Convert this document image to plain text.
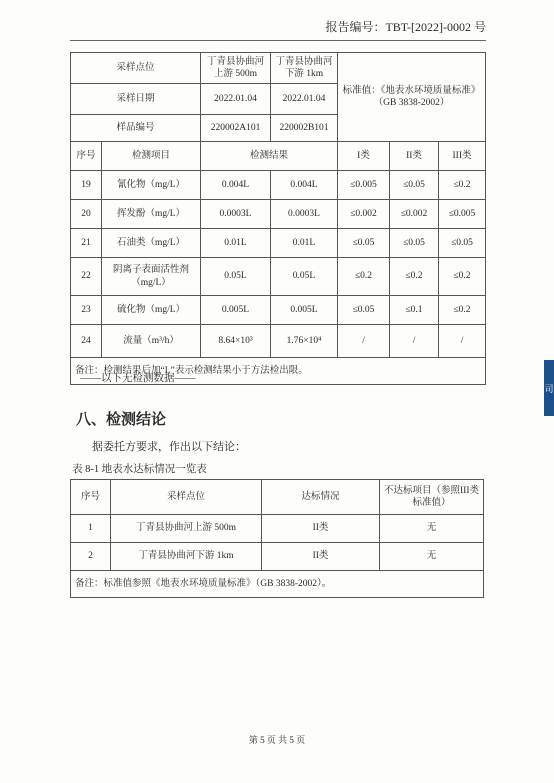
报告编号：TBT-[2022]-0002 号
采样点位		丁青县协曲河上游 500m	丁青县协曲河下游 1km	标准值：《地表水环境质量标准》（GB 3838-2002）		
采样日期		2022.01.04	2022.01.04			
样品编号		220002A101	220002B101			
序号	检测项目	检测结果		I类	II类	III类
19	氰化物（mg/L）	0.004L	0.004L	≤0.005	≤0.05	≤0.2
20	挥发酚（mg/L）	0.0003L	0.0003L	≤0.002	≤0.002	≤0.005
21	石油类（mg/L）	0.01L	0.01L	≤0.05	≤0.05	≤0.05
22	阴离子表面活性剂（mg/L）	0.05L	0.05L	≤0.2	≤0.2	≤0.2
23	硫化物（mg/L）	0.005L	0.005L	≤0.05	≤0.1	≤0.2
24	流量（m³/h）	8.64×10³	1.76×10⁴	/	/	/
备注：检测结果后加“L”表示检测结果小于方法检出限。						
——以下无检测数据——
八、检测结论
据委托方要求，作出以下结论：
表 8-1 地表水达标情况一览表
序号	采样点位	达标情况	不达标项目（参照III类标准值）
1	丁青县协曲河上游 500m	II类	无
2	丁青县协曲河下游 1km	II类	无
备注：标准值参照《地表水环境质量标准》（GB 3838-2002）。			
第 5 页 共 5 页
司
